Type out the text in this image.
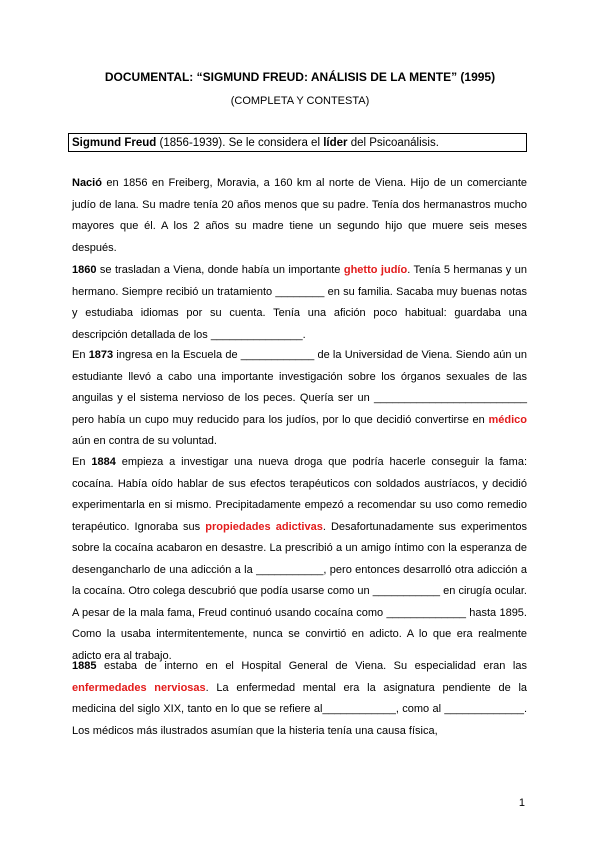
DOCUMENTAL: “SIGMUND FREUD: ANÁLISIS DE LA MENTE” (1995)
(COMPLETA Y CONTESTA)
Sigmund Freud (1856-1939). Se le considera el líder del Psicoanálisis.
Nació en 1856 en Freiberg, Moravia, a 160 km al norte de Viena. Hijo de un comerciante judío de lana. Su madre tenía 20 años menos que su padre. Tenía dos hermanastros mucho mayores que él. A los 2 años su madre tiene un segundo hijo que muere seis meses después.
1860 se trasladan a Viena, donde había un importante ghetto judío. Tenía 5 hermanas y un hermano. Siempre recibió un tratamiento ________ en su familia. Sacaba muy buenas notas y estudiaba idiomas por su cuenta. Tenía una afición poco habitual: guardaba una descripción detallada de los _______________.
En 1873 ingresa en la Escuela de ____________ de la Universidad de Viena. Siendo aún un estudiante llevó a cabo una importante investigación sobre los órganos sexuales de las anguilas y el sistema nervioso de los peces. Quería ser un _________________________ pero había un cupo muy reducido para los judíos, por lo que decidió convertirse en médico aún en contra de su voluntad.
En 1884 empieza a investigar una nueva droga que podría hacerle conseguir la fama: cocaína. Había oído hablar de sus efectos terapéuticos con soldados austríacos, y decidió experimentarla en si mismo. Precipitadamente empezó a recomendar su uso como remedio terapéutico. Ignoraba sus propiedades adictivas. Desafortunadamente sus experimentos sobre la cocaína acabaron en desastre. La prescribió a un amigo íntimo con la esperanza de desengancharlo de una adicción a la ___________, pero entonces desarrolló otra adicción a la cocaína. Otro colega descubrió que podía usarse como un ___________ en cirugía ocular. A pesar de la mala fama, Freud continuó usando cocaína como _____________ hasta 1895. Como la usaba intermitentemente, nunca se convirtió en adicto. A lo que era realmente adicto era al trabajo.
1885 estaba de interno en el Hospital General de Viena. Su especialidad eran las enfermedades nerviosas. La enfermedad mental era la asignatura pendiente de la medicina del siglo XIX, tanto en lo que se refiere al____________, como al _____________. Los médicos más ilustrados asumían que la histeria tenía una causa física,
1
